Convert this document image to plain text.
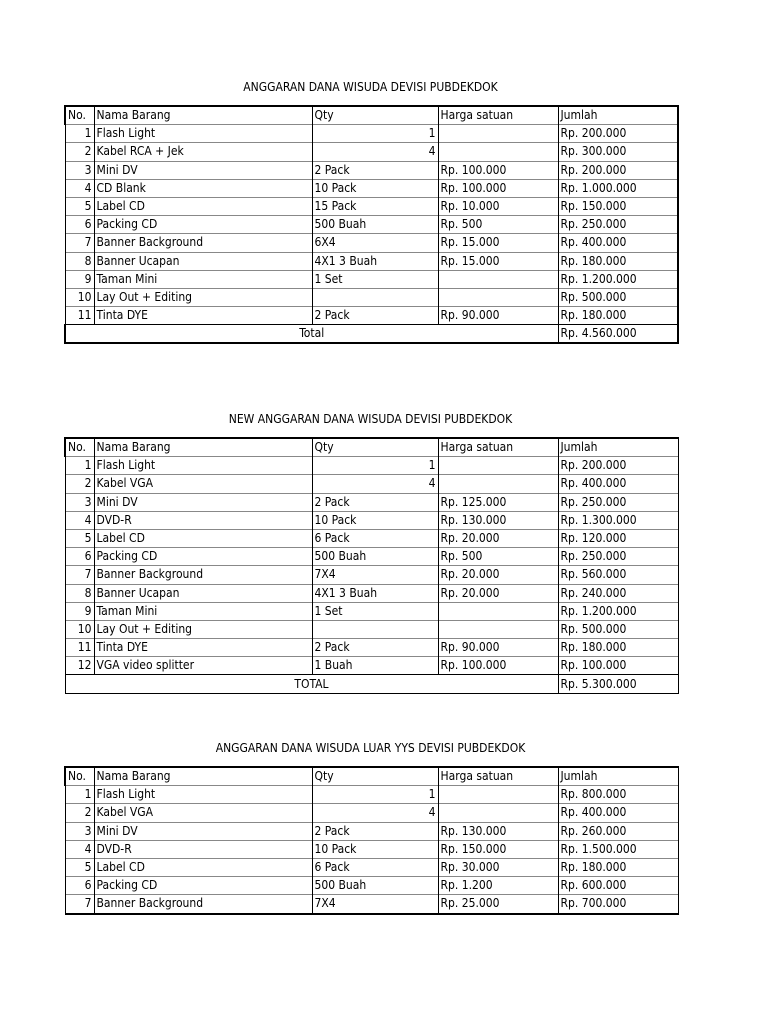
ANGGARAN DANA WISUDA DEVISI PUBDEKDOK
No.	Nama Barang	Qty	Harga satuan	Jumlah
1	Flash Light	1		Rp. 200.000
2	Kabel RCA + Jek	4		Rp. 300.000
3	Mini DV	2 Pack	Rp. 100.000	Rp. 200.000
4	CD Blank	10 Pack	Rp. 100.000	Rp. 1.000.000
5	Label CD	15 Pack	Rp. 10.000	Rp. 150.000
6	Packing CD	500 Buah	Rp. 500	Rp. 250.000
7	Banner Background	6X4	Rp. 15.000	Rp. 400.000
8	Banner Ucapan	4X1 3 Buah	Rp. 15.000	Rp. 180.000
9	Taman Mini	1 Set		Rp. 1.200.000
10	Lay Out + Editing			Rp. 500.000
11	Tinta DYE	2 Pack	Rp. 90.000	Rp. 180.000
Total				Rp. 4.560.000
NEW ANGGARAN DANA WISUDA DEVISI PUBDEKDOK
No.	Nama Barang	Qty	Harga satuan	Jumlah
1	Flash Light	1		Rp. 200.000
2	Kabel VGA	4		Rp. 400.000
3	Mini DV	2 Pack	Rp. 125.000	Rp. 250.000
4	DVD-R	10 Pack	Rp. 130.000	Rp. 1.300.000
5	Label CD	6 Pack	Rp. 20.000	Rp. 120.000
6	Packing CD	500 Buah	Rp. 500	Rp. 250.000
7	Banner Background	7X4	Rp. 20.000	Rp. 560.000
8	Banner Ucapan	4X1 3 Buah	Rp. 20.000	Rp. 240.000
9	Taman Mini	1 Set		Rp. 1.200.000
10	Lay Out + Editing			Rp. 500.000
11	Tinta DYE	2 Pack	Rp. 90.000	Rp. 180.000
12	VGA video splitter	1 Buah	Rp. 100.000	Rp. 100.000
TOTAL				Rp. 5.300.000
ANGGARAN DANA WISUDA LUAR YYS DEVISI PUBDEKDOK
No.	Nama Barang	Qty	Harga satuan	Jumlah
1	Flash Light	1		Rp. 800.000
2	Kabel VGA	4		Rp. 400.000
3	Mini DV	2 Pack	Rp. 130.000	Rp. 260.000
4	DVD-R	10 Pack	Rp. 150.000	Rp. 1.500.000
5	Label CD	6 Pack	Rp. 30.000	Rp. 180.000
6	Packing CD	500 Buah	Rp. 1.200	Rp. 600.000
7	Banner Background	7X4	Rp. 25.000	Rp. 700.000
